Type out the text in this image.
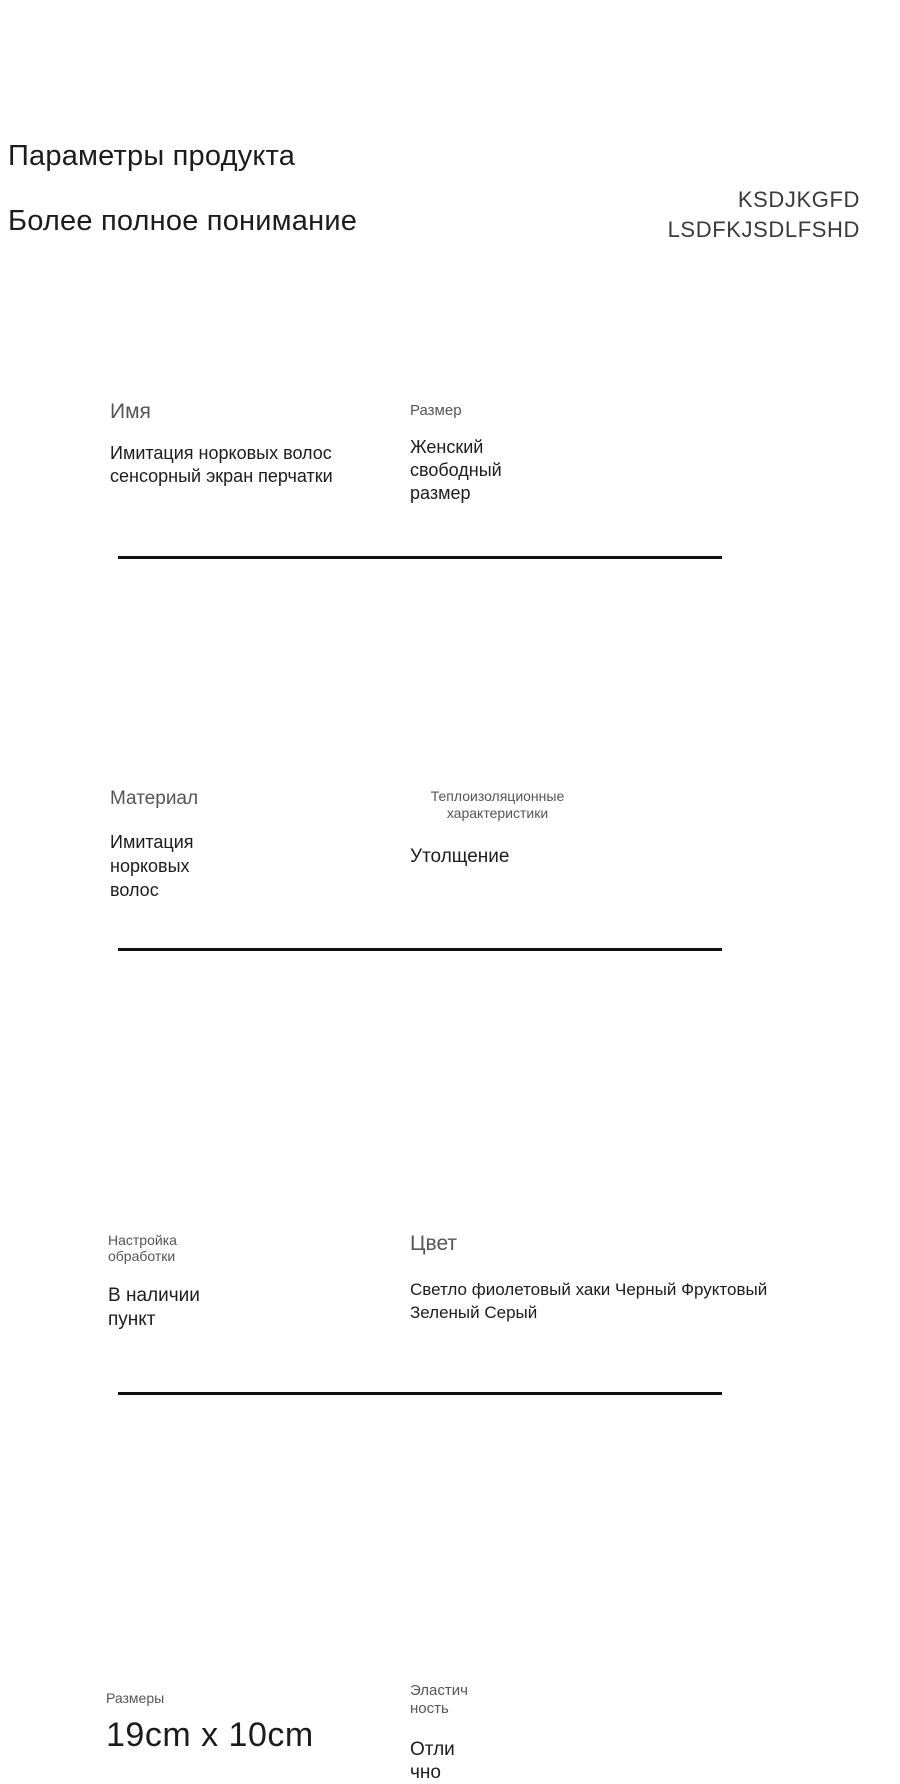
Параметры продукта
Более полное понимание
KSDJKGFD
LSDFKJSDLFSHD
Имя
Имитация норковых волос
сенсорный экран перчатки
Размер
Женский
свободный
размер
Материал
Имитация
норковых
волос
Теплоизоляционные
характеристики
Утолщение
Настройка
обработки
В наличии
пункт
Цвет
Светло фиолетовый хаки Черный Фруктовый
Зеленый Серый
Размеры
19cm x 10cm
Эластич
ность
Отли
чно
